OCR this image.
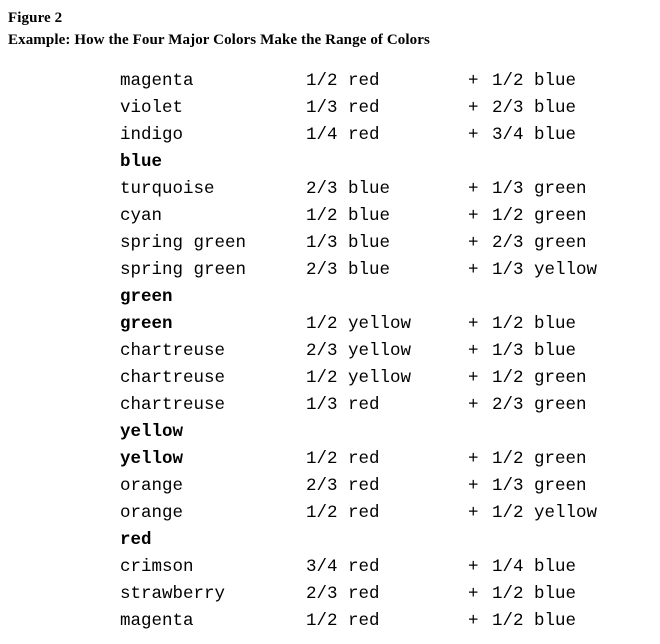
Figure 2
Example: How the Four Major Colors Make the Range of Colors
magenta	1/2 red	+	1/2 blue
violet	1/3 red	+	2/3 blue
indigo	1/4 red	+	3/4 blue
blue			
turquoise	2/3 blue	+	1/3 green
cyan	1/2 blue	+	1/2 green
spring green	1/3 blue	+	2/3 green
spring green	2/3 blue	+	1/3 yellow
green			
green	1/2 yellow	+	1/2 blue
chartreuse	2/3 yellow	+	1/3 blue
chartreuse	1/2 yellow	+	1/2 green
chartreuse	1/3 red	+	2/3 green
yellow			
yellow	1/2 red	+	1/2 green
orange	2/3 red	+	1/3 green
orange	1/2 red	+	1/2 yellow
red			
crimson	3/4 red	+	1/4 blue
strawberry	2/3 red	+	1/2 blue
magenta	1/2 red	+	1/2 blue
